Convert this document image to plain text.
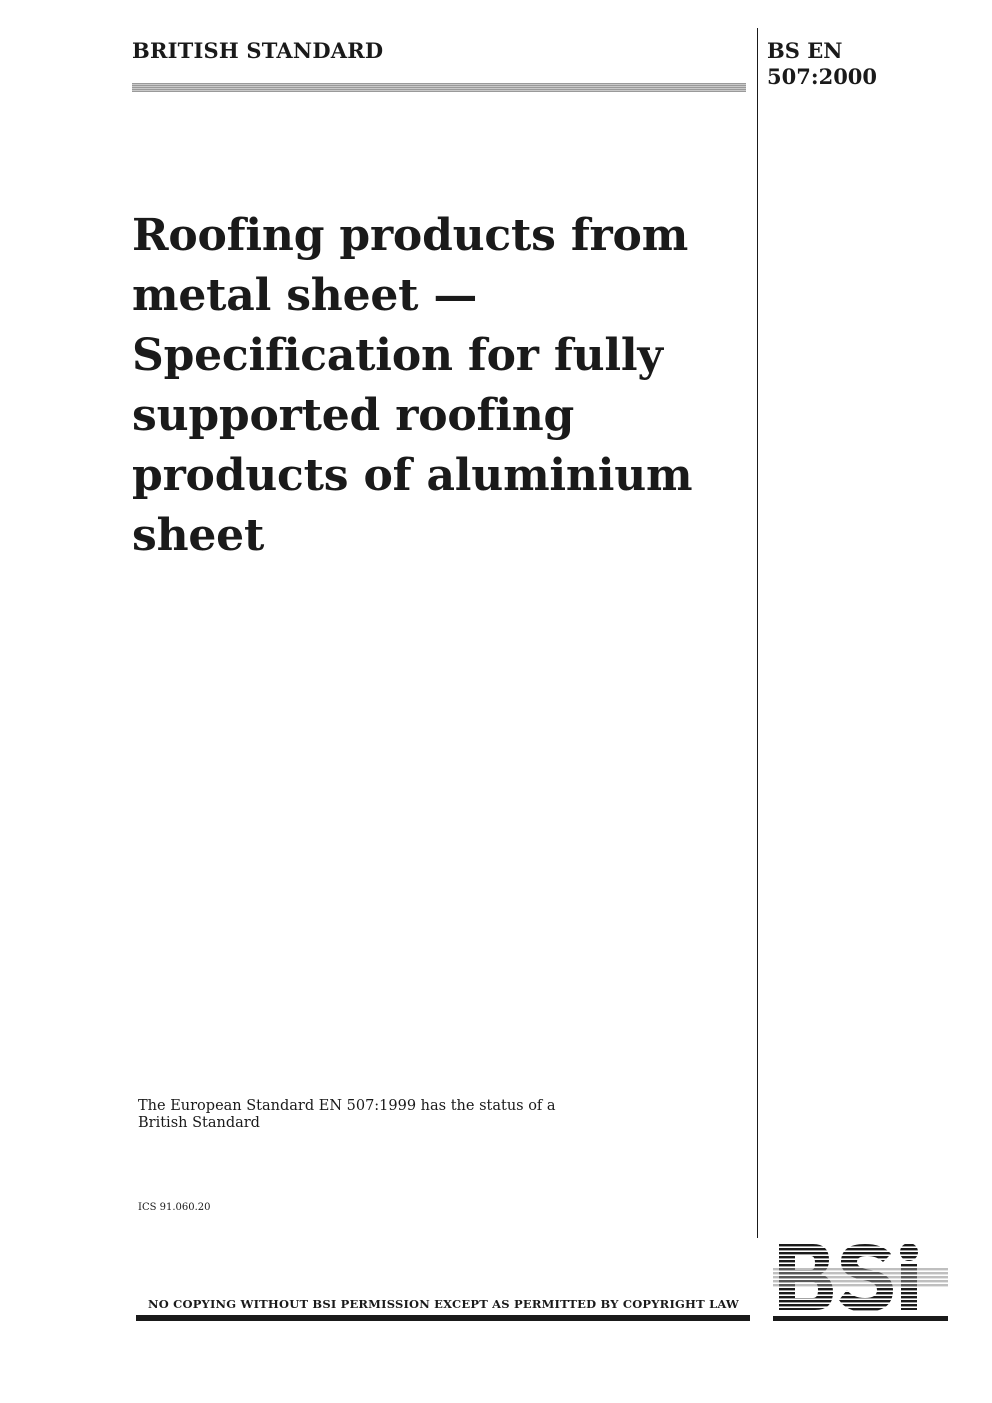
BRITISH STANDARD	BS EN
507:2000
Roofing products from
metal sheet —
Specification for fully
supported roofing
products of aluminium
sheet
The European Standard EN 507:1999 has the status of a
British Standard
ICS 91.060.20
NO COPYING WITHOUT BSI PERMISSION EXCEPT AS PERMITTED BY COPYRIGHT LAW
